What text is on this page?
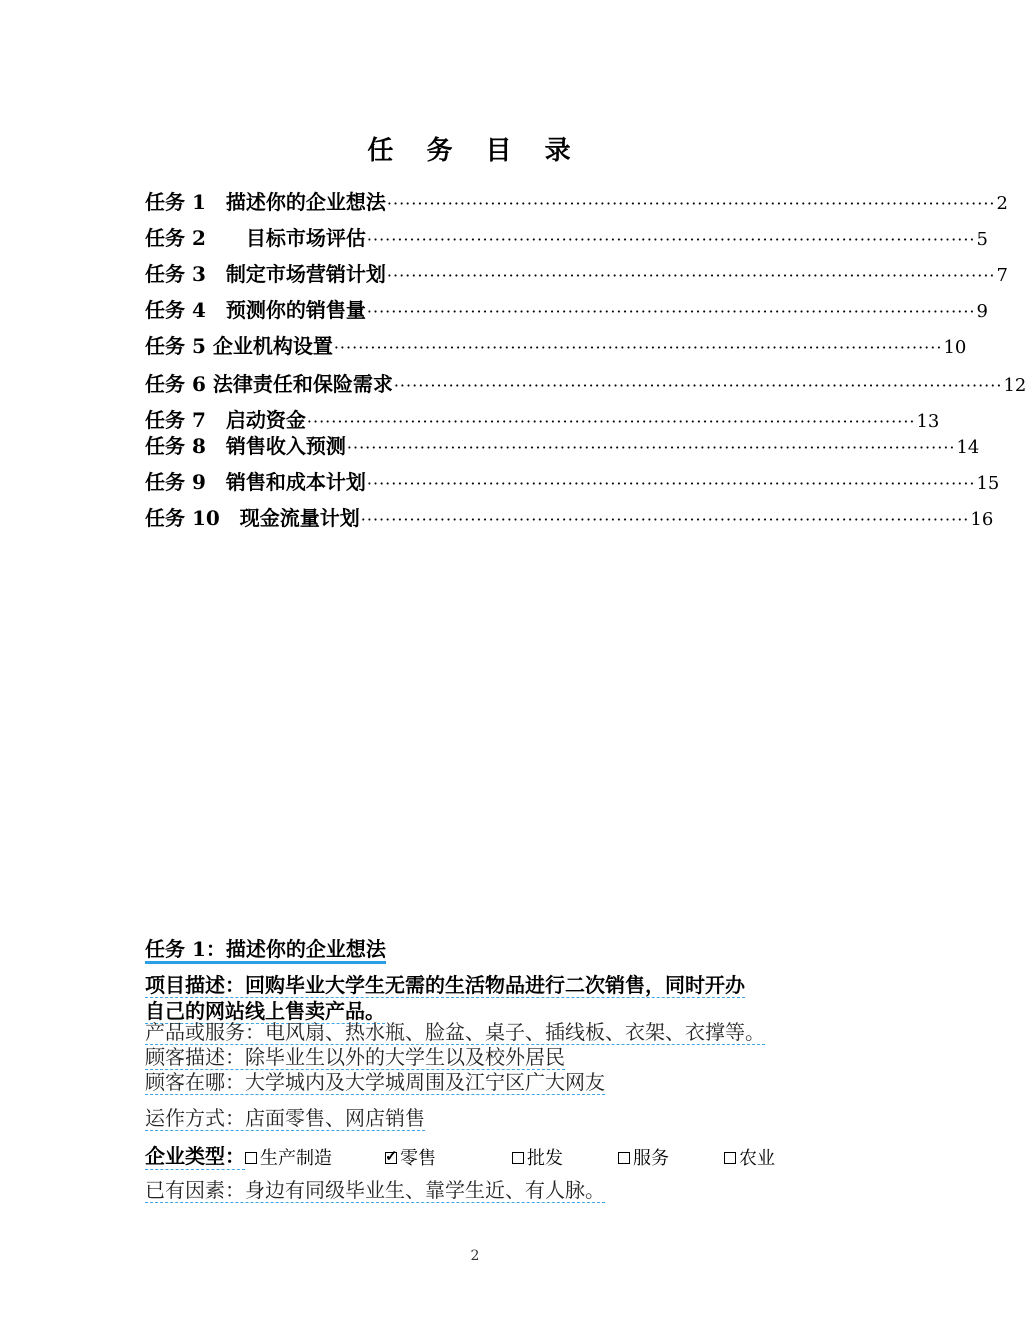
任 务 目 录
任务 1　描述你的企业想法 ···································································································· 2
任务 2　　目标市场评估 ···································································································· 5
任务 3　制定市场营销计划 ···································································································· 7
任务 4　预测你的销售量 ···································································································· 9
任务 5 企业机构设置 ···································································································· 10
任务 6 法律责任和保险需求 ···································································································· 12
任务 7　启动资金 ···································································································· 13
任务 8　销售收入预测 ···································································································· 14
任务 9　销售和成本计划 ···································································································· 15
任务 10　现金流量计划 ···································································································· 16
任务 1：描述你的企业想法
项目描述：回购毕业大学生无需的生活物品进行二次销售，同时开办
自己的网站线上售卖产品。
产品或服务：电风扇、热水瓶、脸盆、桌子、插线板、衣架、衣撑等。
顾客描述：除毕业生以外的大学生以及校外居民
顾客在哪：大学城内及大学城周围及江宁区广大网友
运作方式：店面零售、网店销售
企业类型： 生产制造 ✓	零售	批发	服务	农业
已有因素：身边有同级毕业生、靠学生近、有人脉。
2
